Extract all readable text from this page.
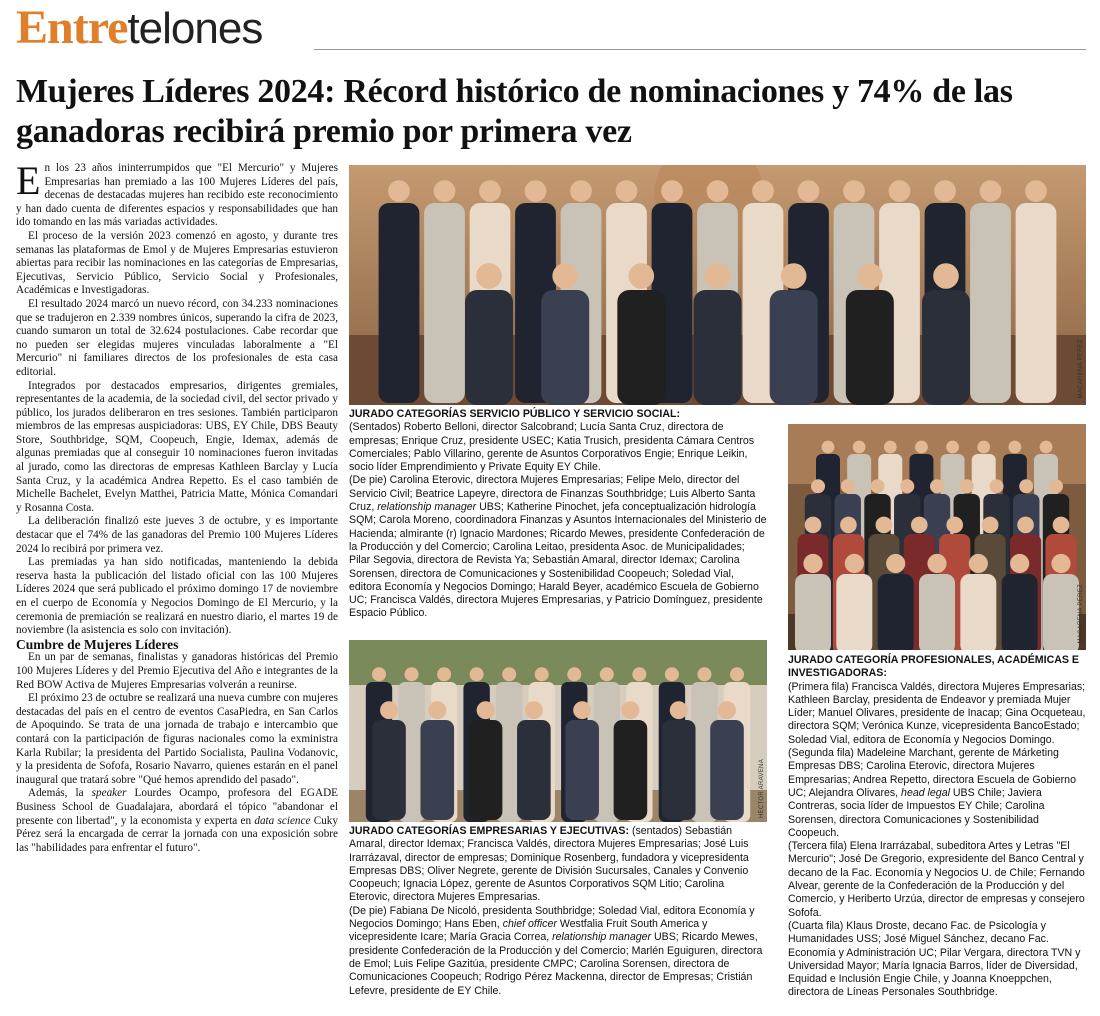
Entretelones
Mujeres Líderes 2024: Récord histórico de nominaciones y 74% de las ganadoras recibirá premio por primera vez

En los 23 años ininterrumpidos que "El Mercurio" y Mujeres Empresarias han premiado a las 100 Mujeres Líderes del país, decenas de destacadas mujeres han recibido este reconocimiento y han dado cuenta de diferentes espacios y responsabilidades que han ido tomando en las más variadas actividades.

El proceso de la versión 2023 comenzó en agosto, y durante tres semanas las plataformas de Emol y de Mujeres Empresarias estuvieron abiertas para recibir las nominaciones en las categorías de Empresarias, Ejecutivas, Servicio Público, Servicio Social y Profesionales, Académicas e Investigadoras.

El resultado 2024 marcó un nuevo récord, con 34.233 nominaciones que se tradujeron en 2.339 nombres únicos, superando la cifra de 2023, cuando sumaron un total de 32.624 postulaciones. Cabe recordar que no pueden ser elegidas mujeres vinculadas laboralmente a "El Mercurio" ni familiares directos de los profesionales de esta casa editorial.

Integrados por destacados empresarios, dirigentes gremiales, representantes de la academia, de la sociedad civil, del sector privado y público, los jurados deliberaron en tres sesiones. También participaron miembros de las empresas auspiciadoras: UBS, EY Chile, DBS Beauty Store, Southbridge, SQM, Coopeuch, Engie, Idemax, además de algunas premiadas que al conseguir 10 nominaciones fueron invitadas al jurado, como las directoras de empresas Kathleen Barclay y Lucía Santa Cruz, y la académica Andrea Repetto. Es el caso también de Michelle Bachelet, Evelyn Matthei, Patricia Matte, Mónica Comandari y Rosanna Costa.

La deliberación finalizó este jueves 3 de octubre, y es importante destacar que el 74% de las ganadoras del Premio 100 Mujeres Líderes 2024 lo recibirá por primera vez.

Las premiadas ya han sido notificadas, manteniendo la debida reserva hasta la publicación del listado oficial con las 100 Mujeres Líderes 2024 que será publicado el próximo domingo 17 de noviembre en el cuerpo de Economía y Negocios Domingo de El Mercurio, y la ceremonia de premiación se realizará en nuestro diario, el martes 19 de noviembre (la asistencia es solo con invitación).

Cumbre de Mujeres Líderes

En un par de semanas, finalistas y ganadoras históricas del Premio 100 Mujeres Líderes y del Premio Ejecutiva del Año e integrantes de la Red BOW Activa de Mujeres Empresarias volverán a reunirse.

El próximo 23 de octubre se realizará una nueva cumbre con mujeres destacadas del país en el centro de eventos CasaPiedra, en San Carlos de Apoquindo. Se trata de una jornada de trabajo e intercambio que contará con la participación de figuras nacionales como la exministra Karla Rubilar; la presidenta del Partido Socialista, Paulina Vodanovic, y la presidenta de Sofofa, Rosario Navarro, quienes estarán en el panel inaugural que tratará sobre "Qué hemos aprendido del pasado".

Además, la speaker Lourdes Ocampo, profesora del EGADE Business School de Guadalajara, abordará el tópico "abandonar el presente con libertad", y la economista y experta en data science Cuky Pérez será la encargada de cerrar la jornada con una exposición sobre las "habilidades para enfrentar el futuro".

MACARENA PÉREZ

JURADO CATEGORÍAS SERVICIO PÚBLICO Y SERVICIO SOCIAL:

(Sentados) Roberto Belloni, director Salcobrand; Lucía Santa Cruz, directora de empresas; Enrique Cruz, presidente USEC; Katia Trusich, presidenta Cámara Centros Comerciales; Pablo Villarino, gerente de Asuntos Corporativos Engie; Enrique Leikin, socio líder Emprendimiento y Private Equity EY Chile.

(De pie) Carolina Eterovic, directora Mujeres Empresarias; Felipe Melo, director del Servicio Civil; Beatrice Lapeyre, directora de Finanzas Southbridge; Luis Alberto Santa Cruz, relationship manager UBS; Katherine Pinochet, jefa conceptualización hidrología SQM; Carola Moreno, coordinadora Finanzas y Asuntos Internacionales del Ministerio de Hacienda; almirante (r) Ignacio Mardones; Ricardo Mewes, presidente Confederación de la Producción y del Comercio; Carolina Leitao, presidenta Asoc. de Municipalidades; Pilar Segovia, directora de Revista Ya; Sebastián Amaral, director Idemax; Carolina Sorensen, directora de Comunicaciones y Sostenibilidad Coopeuch; Soledad Vial, editora Economía y Negocios Domingo; Harald Beyer, académico Escuela de Gobierno UC; Francisca Valdés, directora Mujeres Empresarias, y Patricio Domínguez, presidente Espacio Público.	MACARENA PÉREZ

JURADO CATEGORÍA PROFESIONALES, ACADÉMICAS E INVESTIGADORAS:

(Primera fila) Francisca Valdés, directora Mujeres Empresarias; Kathleen Barclay, presidenta de Endeavor y premiada Mujer Líder; Manuel Olivares, presidente de Inacap; Gina Ocqueteau, directora SQM; Verónica Kunze, vicepresidenta BancoEstado; Soledad Vial, editora de Economía y Negocios Domingo.

(Segunda fila) Madeleine Marchant, gerente de Márketing Empresas DBS; Carolina Eterovic, directora Mujeres Empresarias; Andrea Repetto, directora Escuela de Gobierno UC; Alejandra Olivares, head legal UBS Chile; Javiera Contreras, socia líder de Impuestos EY Chile; Carolina Sorensen, directora Comunicaciones y Sostenibilidad Coopeuch.

(Tercera fila) Elena Irarrázabal, subeditora Artes y Letras "El Mercurio"; José De Gregorio, expresidente del Banco Central y decano de la Fac. Economía y Negocios U. de Chile; Fernando Alvear, gerente de la Confederación de la Producción y del Comercio, y Heriberto Urzúa, director de empresas y consejero Sofofa.

(Cuarta fila) Klaus Droste, decano Fac. de Psicología y Humanidades USS; José Miguel Sánchez, decano Fac. Economía y Administración UC; Pilar Vergara, directora TVN y Universidad Mayor; María Ignacia Barros, líder de Diversidad, Equidad e Inclusión Engie Chile, y Joanna Knoeppchen, directora de Líneas Personales Southbridge.

HÉCTOR ARAVENA

JURADO CATEGORÍAS EMPRESARIAS Y EJECUTIVAS: (sentados) Sebastián Amaral, director Idemax; Francisca Valdés, directora Mujeres Empresarias; José Luis Irarrázaval, director de empresas; Dominique Rosenberg, fundadora y vicepresidenta Empresas DBS; Oliver Negrete, gerente de División Sucursales, Canales y Convenio Coopeuch; Ignacia López, gerente de Asuntos Corporativos SQM Litio; Carolina Eterovic, directora Mujeres Empresarias.

(De pie) Fabiana De Nicoló, presidenta Southbridge; Soledad Vial, editora Economía y Negocios Domingo; Hans Eben, chief officer Westfalia Fruit South America y vicepresidente Icare; María Gracia Correa, relationship manager UBS; Ricardo Mewes, presidente Confederación de la Producción y del Comercio; Marlén Eguiguren, directora de Emol; Luis Felipe Gazitúa, presidente CMPC; Carolina Sorensen, directora de Comunicaciones Coopeuch; Rodrigo Pérez Mackenna, director de Empresas; Cristián Lefevre, presidente de EY Chile.
